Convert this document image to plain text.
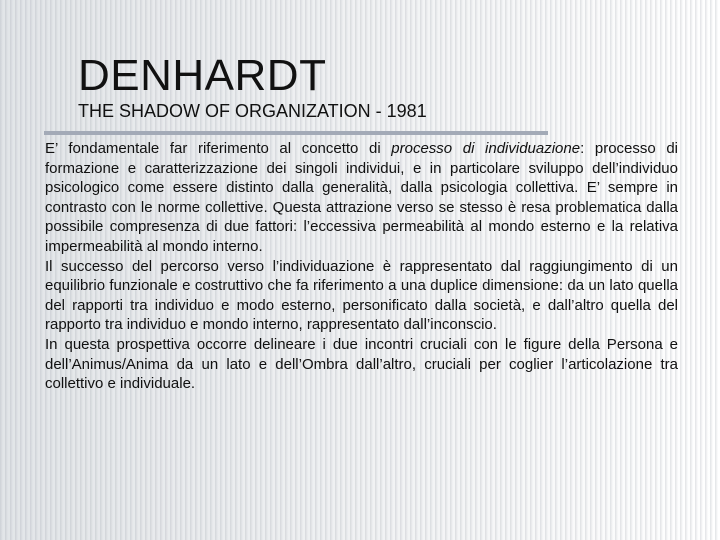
DENHARDT
THE SHADOW OF ORGANIZATION - 1981

E’ fondamentale far riferimento al concetto di processo di individuazione: processo di formazione e caratterizzazione dei singoli individui, e in particolare sviluppo dell’individuo psicologico come essere distinto dalla generalità, dalla psicologia collettiva. E’ sempre in contrasto con le norme collettive. Questa attrazione verso se stesso è resa problematica dalla possibile compresenza di due fattori: l’eccessiva permeabilità al mondo esterno e la relativa impermeabilità al mondo interno.

Il successo del percorso verso l’individuazione è rappresentato dal raggiungimento di un equilibrio funzionale e costruttivo che fa riferimento a una duplice dimensione: da un lato quella del rapporti tra individuo e modo esterno, personificato dalla società, e dall’altro quella del rapporto tra individuo e mondo interno, rappresentato dall’inconscio.

In questa prospettiva occorre delineare i due incontri cruciali con le figure della Persona e dell’Animus/Anima da un lato e dell’Ombra dall’altro, cruciali per coglier l’articolazione tra collettivo e individuale.
